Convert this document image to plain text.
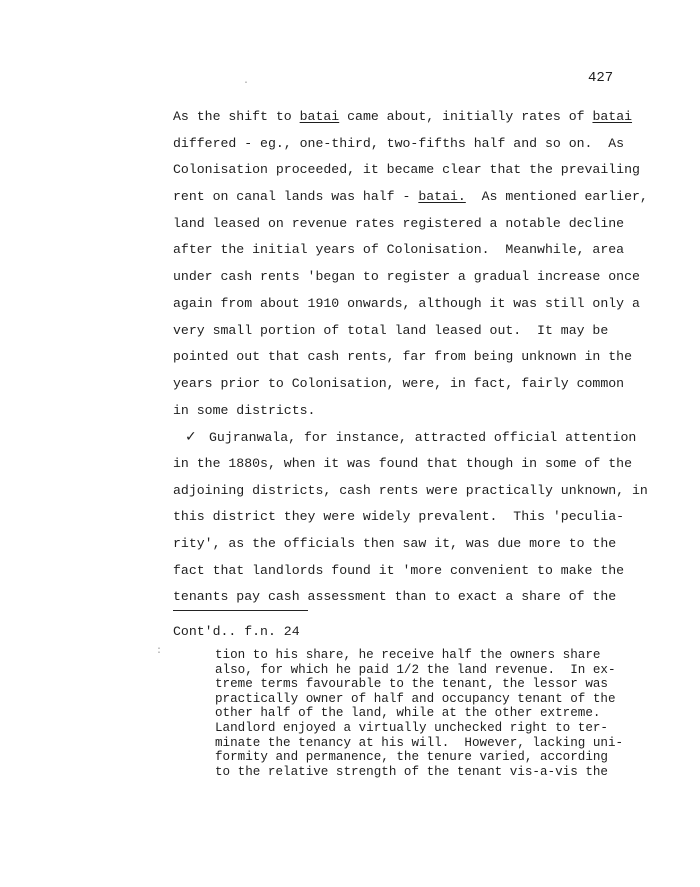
427
.
:
As the shift to batai came about, initially rates of batai
differed - eg., one-third, two-fifths half and so on.  As
Colonisation proceeded, it became clear that the prevailing
rent on canal lands was half - batai.  As mentioned earlier,
land leased on revenue rates registered a notable decline
after the initial years of Colonisation.  Meanwhile, area
under cash rents 'began to register a gradual increase once
again from about 1910 onwards, although it was still only a
very small portion of total land leased out.  It may be
pointed out that cash rents, far from being unknown in the
years prior to Colonisation, were, in fact, fairly common
in some districts.
✓ Gujranwala, for instance, attracted official attention
in the 1880s, when it was found that though in some of the
adjoining districts, cash rents were practically unknown, in
this district they were widely prevalent.  This 'peculia-
rity', as the officials then saw it, was due more to the
fact that landlords found it 'more convenient to make the
tenants pay cash assessment than to exact a share of the
Cont'd.. f.n. 24
tion to his share, he receive half the owners share
also, for which he paid 1/2 the land revenue.  In ex-
treme terms favourable to the tenant, the lessor was
practically owner of half and occupancy tenant of the
other half of the land, while at the other extreme.
Landlord enjoyed a virtually unchecked right to ter-
minate the tenancy at his will.  However, lacking uni-
formity and permanence, the tenure varied, according
to the relative strength of the tenant vis-a-vis the
